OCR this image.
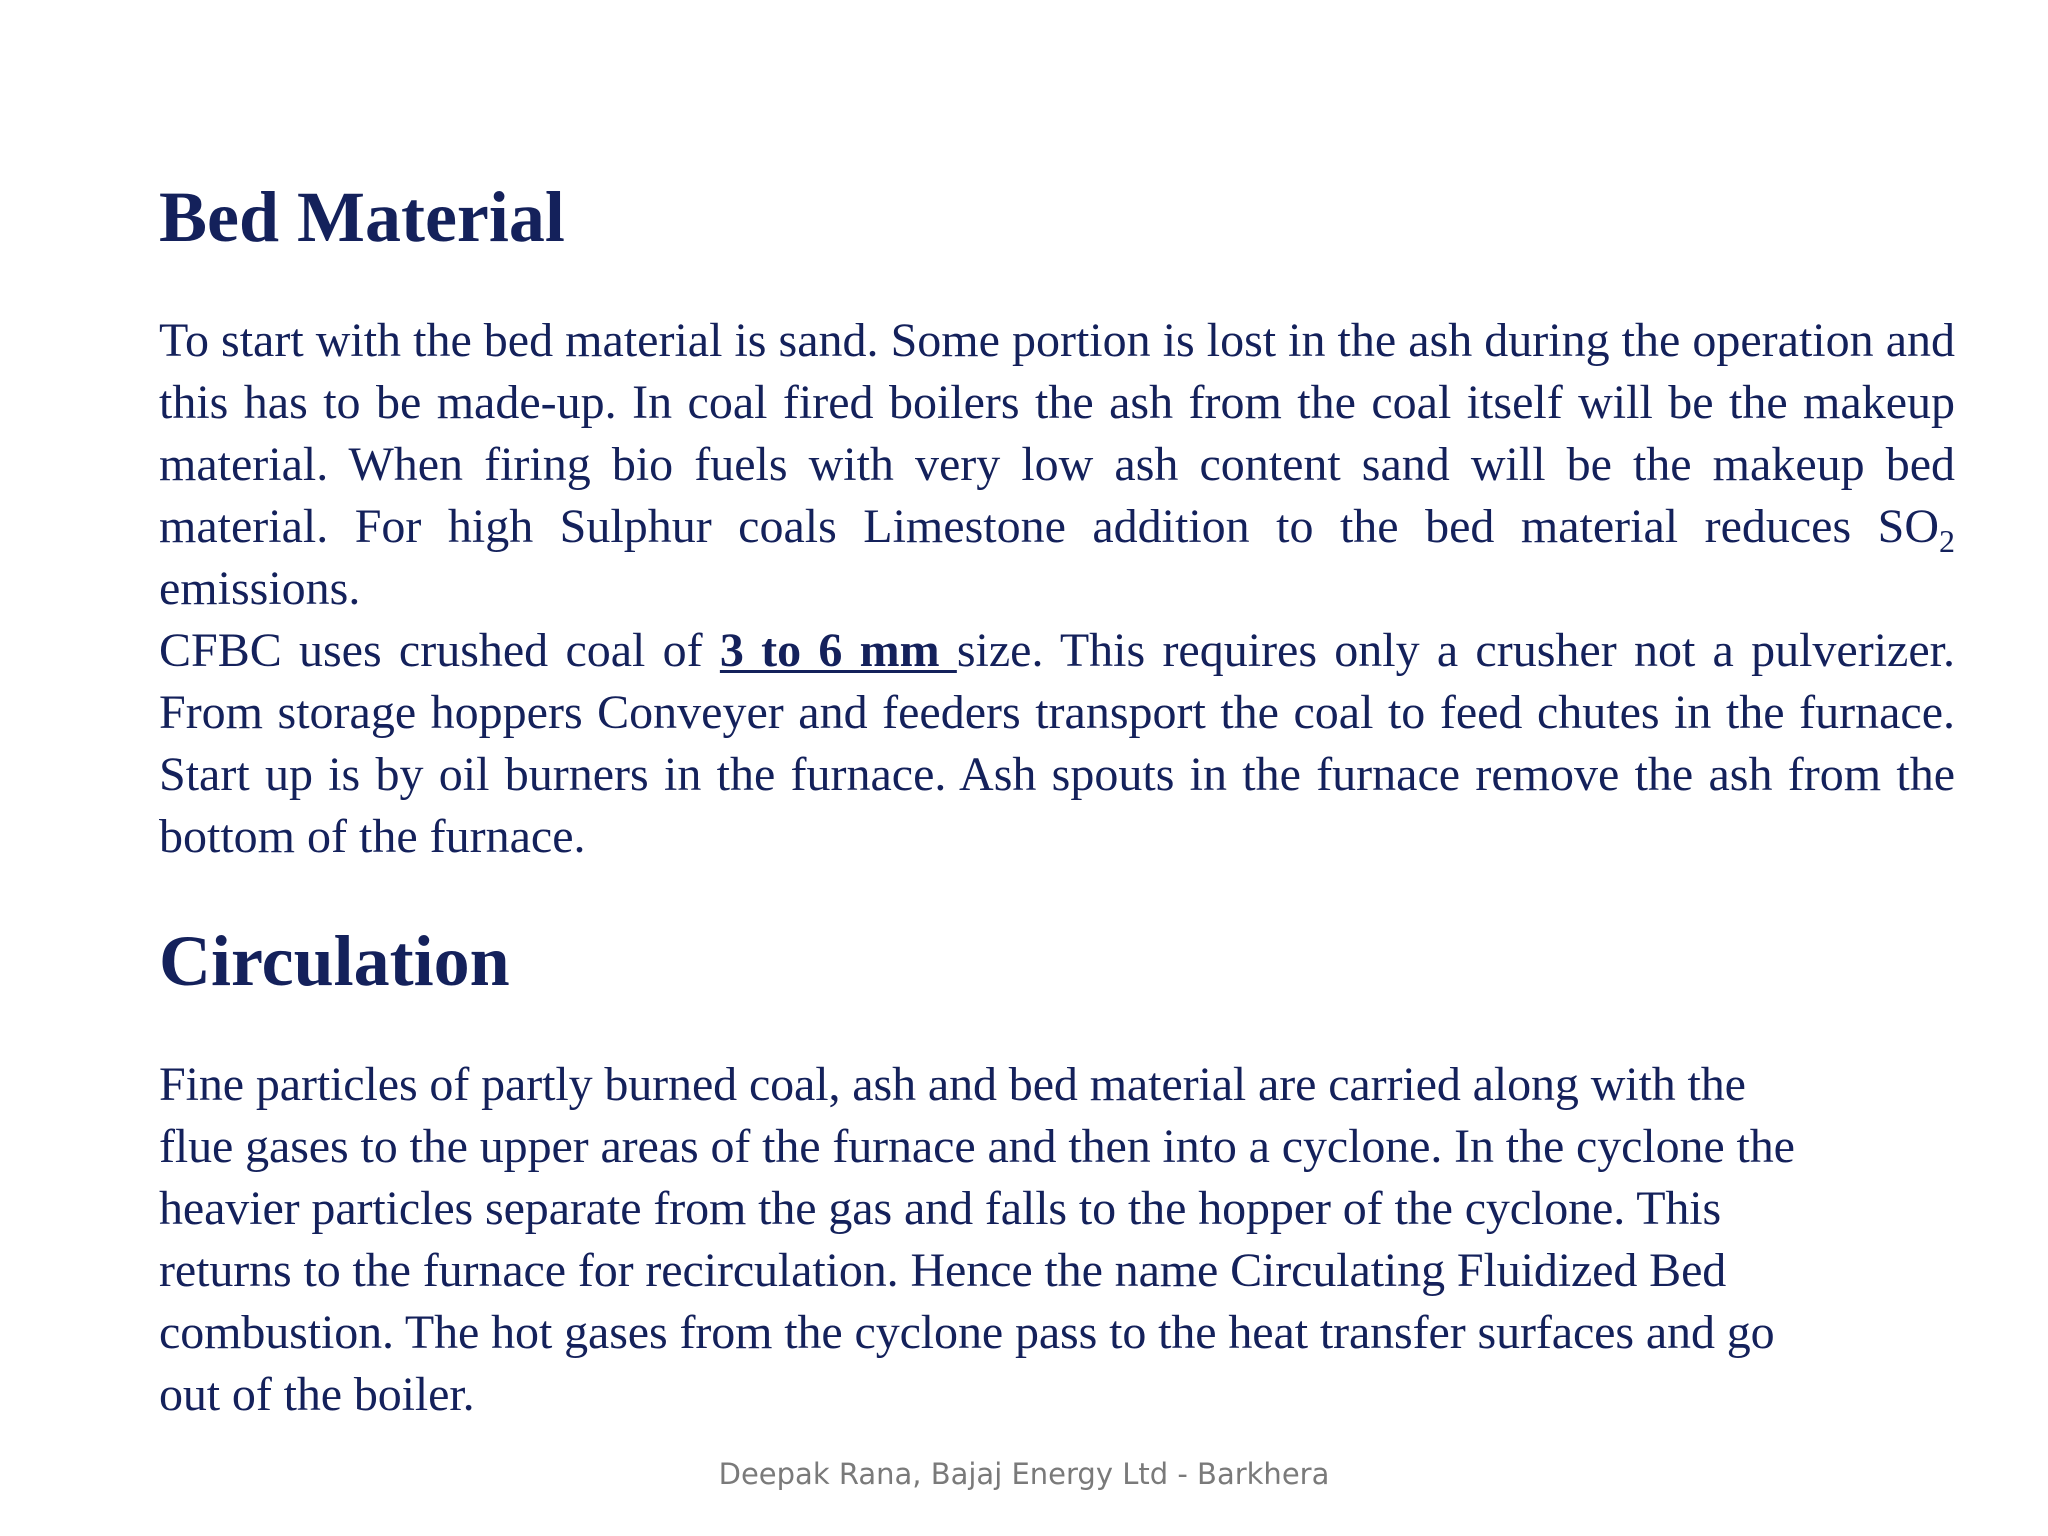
Bed Material

To start with the bed material is sand. Some portion is lost in the ash during the operation and this has to be made-up. In coal fired boilers the ash from the coal itself will be the makeup material. When firing bio fuels with very low ash content sand will be the makeup bed material. For high Sulphur coals Limestone addition to the bed material reduces $SO_2$ emissions.

CFBC uses crushed coal of 3 to 6 mm size. This requires only a crusher not a pulverizer. From storage hoppers Conveyer and feeders transport the coal to feed chutes in the furnace. Start up is by oil burners in the furnace. Ash spouts in the furnace remove the ash from the bottom of the furnace.

Circulation
Fine particles of partly burned coal, ash and bed material are carried along with the
flue gases to the upper areas of the furnace and then into a cyclone. In the cyclone the
heavier particles separate from the gas and falls to the hopper of the cyclone. This
returns to the furnace for recirculation. Hence the name Circulating Fluidized Bed
combustion. The hot gases from the cyclone pass to the heat transfer surfaces and go
out of the boiler.
Deepak Rana, Bajaj Energy Ltd - Barkhera
